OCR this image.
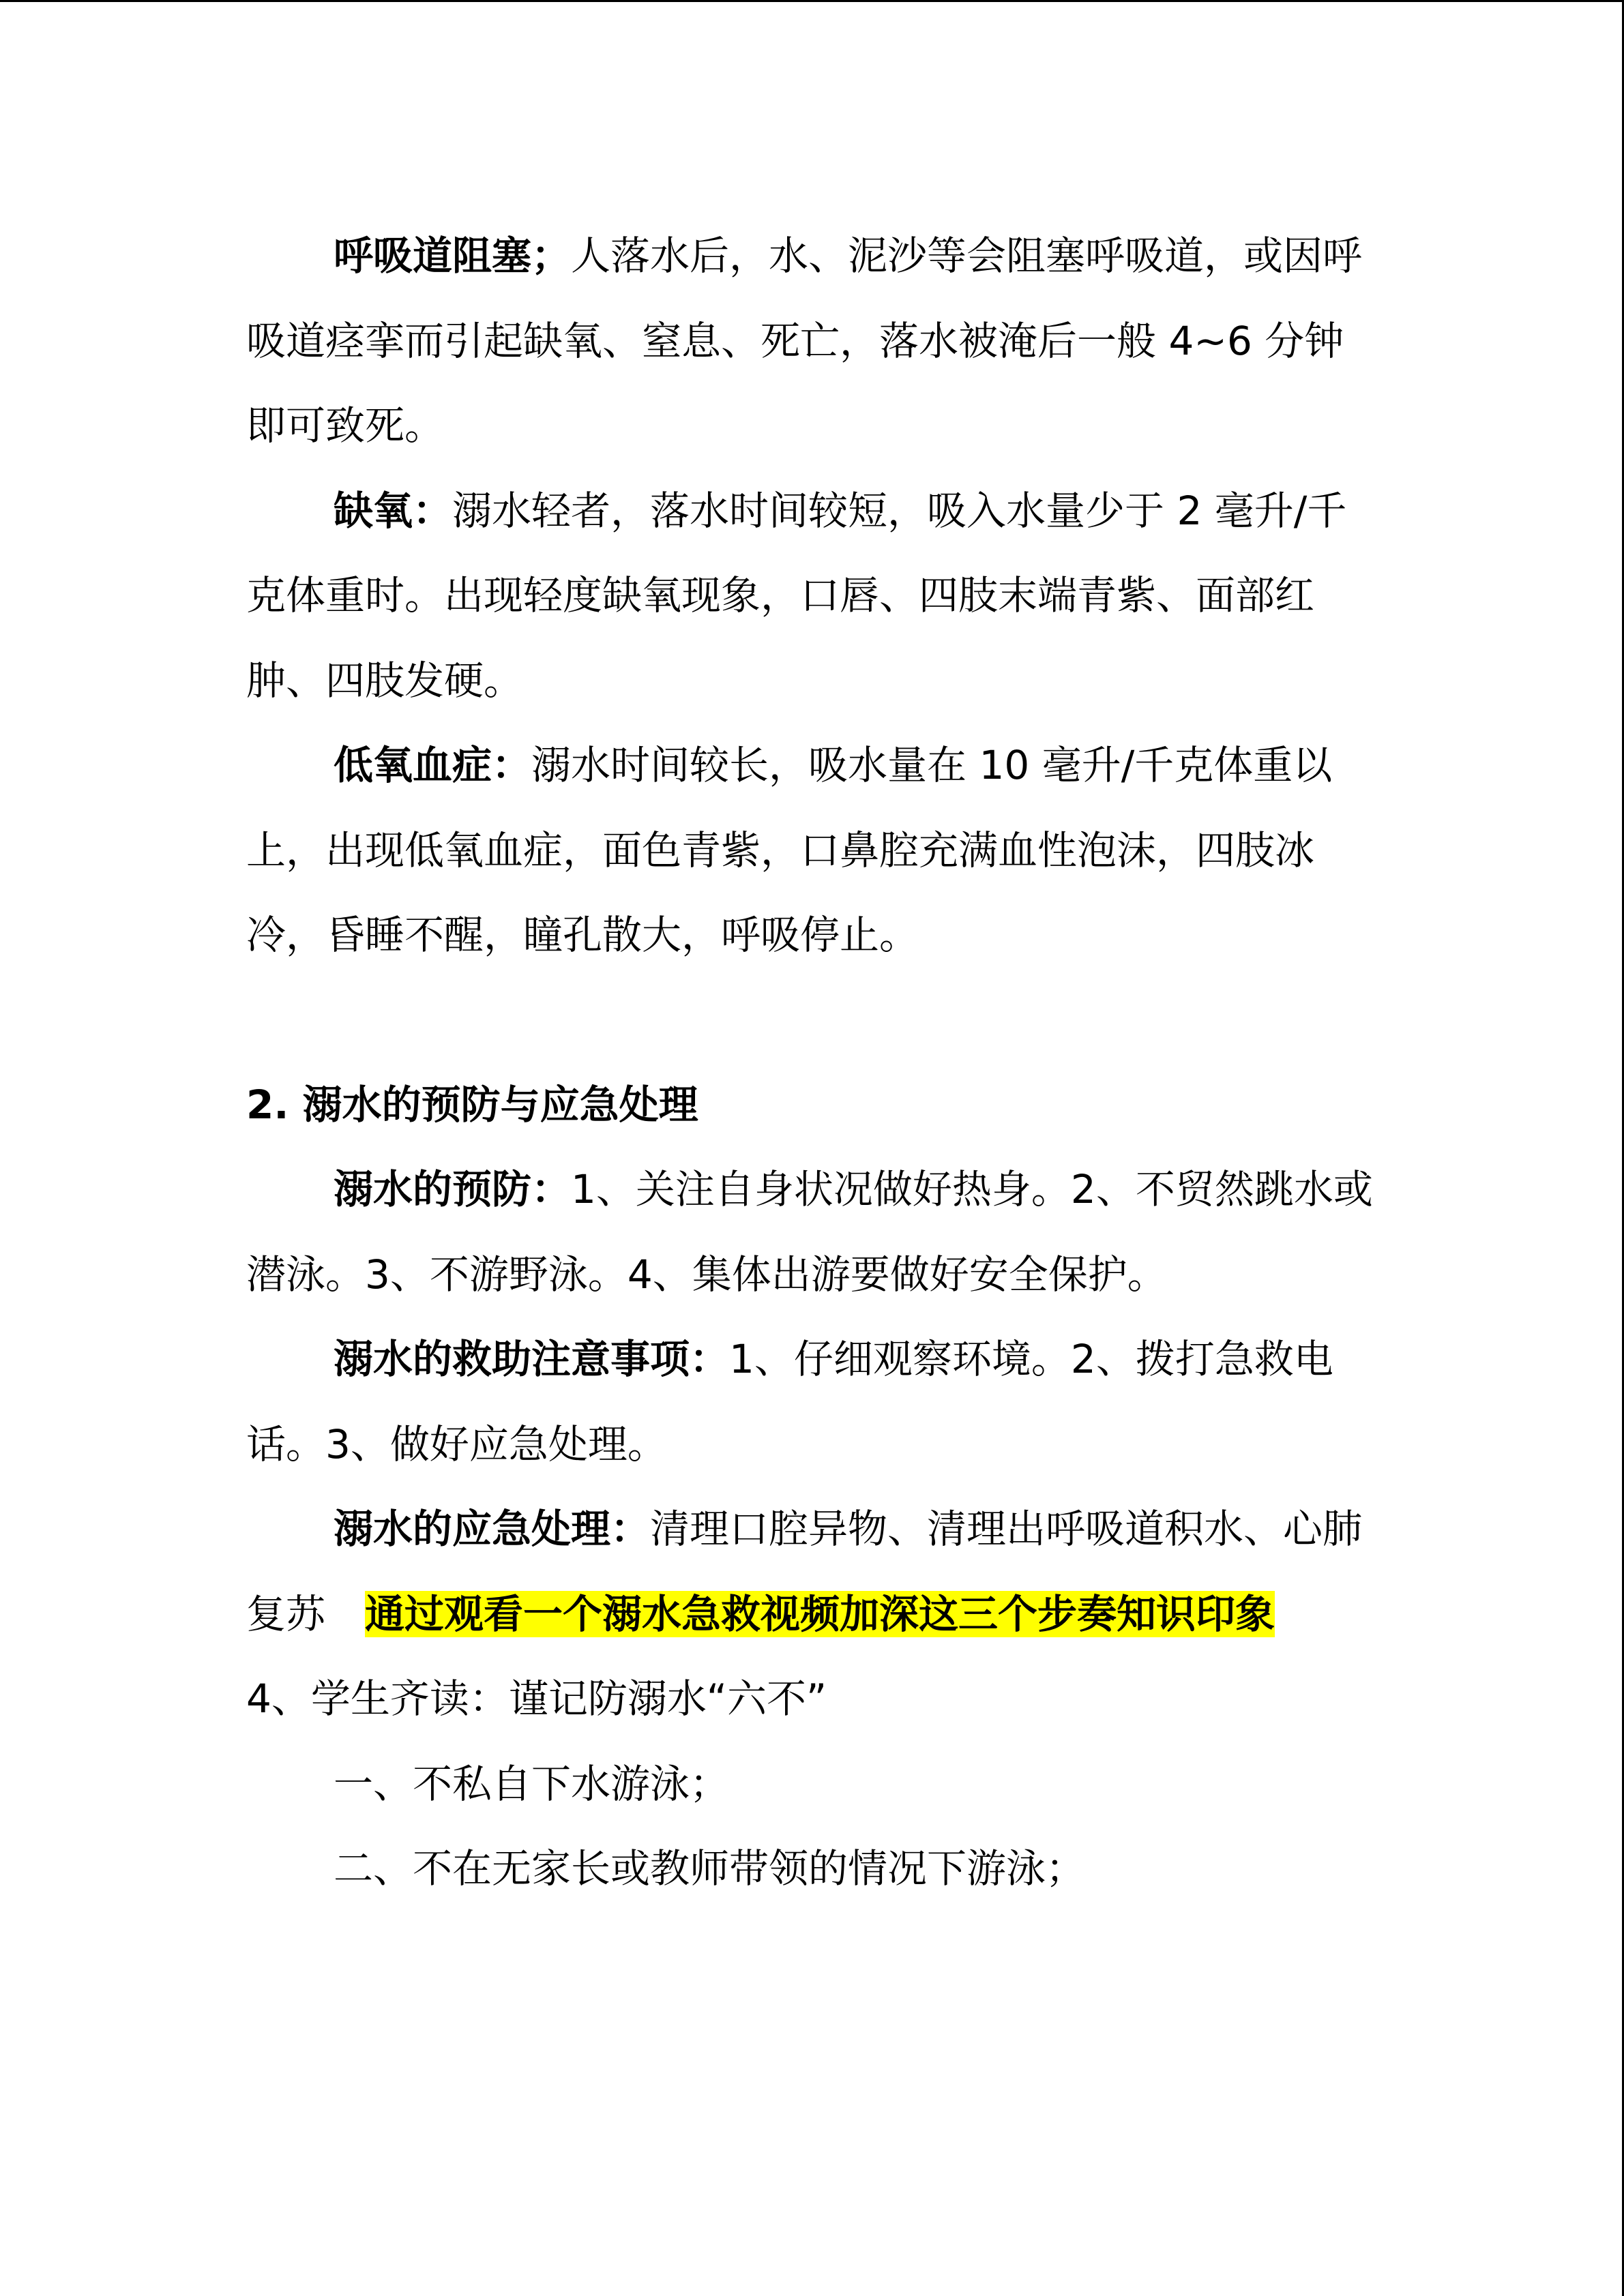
呼吸道阻塞；人落水后，水、泥沙等会阻塞呼吸道，或因呼吸道痉挛而引起缺氧、窒息、死亡，落水被淹后一般 4~6 分钟即可致死。

缺氧：溺水轻者，落水时间较短，吸入水量少于 2 毫升/千克体重时。出现轻度缺氧现象，口唇、四肢末端青紫、面部红肿、四肢发硬。

低氧血症：溺水时间较长，吸水量在 10 毫升/千克体重以上，出现低氧血症，面色青紫，口鼻腔充满血性泡沫，四肢冰冷，昏睡不醒，瞳孔散大，呼吸停止。

2. 溺水的预防与应急处理

溺水的预防：1、关注自身状况做好热身。2、不贸然跳水或潜泳。3、不游野泳。4、集体出游要做好安全保护。

溺水的救助注意事项：1、仔细观察环境。2、拨打急救电话。3、做好应急处理。

溺水的应急处理：清理口腔异物、清理出呼吸道积水、心肺复苏  通过观看一个溺水急救视频加深这三个步奏知识印象

4、学生齐读：谨记防溺水“六不”

一、不私自下水游泳；

二、不在无家长或教师带领的情况下游泳；
